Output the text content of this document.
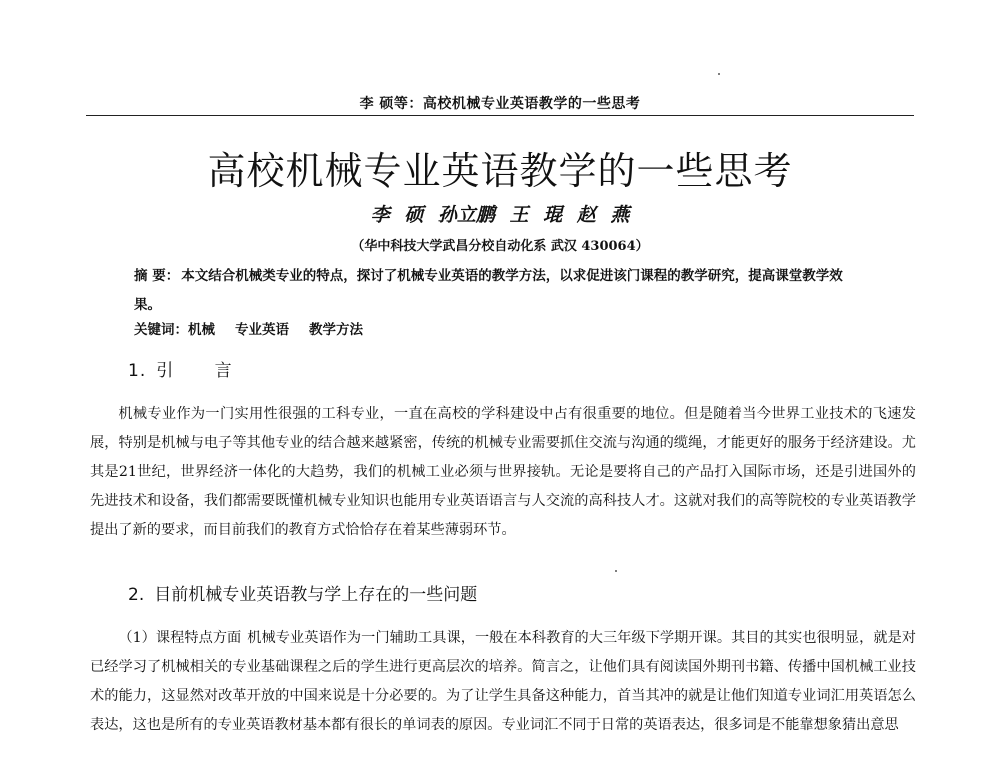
李 硕等：高校机械专业英语教学的一些思考
高校机械专业英语教学的一些思考
李 硕 孙立鹏 王 琨 赵 燕
（华中科技大学武昌分校自动化系 武汉 430064）
摘 要： 本文结合机械类专业的特点，探讨了机械专业英语的教学方法，以求促进该门课程的教学研究，提高课堂教学效果。
关键词：机械 专业英语 教学方法
1. 引 言

机械专业作为一门实用性很强的工科专业，一直在高校的学科建设中占有很重要的地位。但是随着当今世界工业技术的飞速发展，特别是机械与电子等其他专业的结合越来越紧密，传统的机械专业需要抓住交流与沟通的缆绳，才能更好的服务于经济建设。尤其是21世纪，世界经济一体化的大趋势，我们的机械工业必须与世界接轨。无论是要将自己的产品打入国际市场，还是引进国外的先进技术和设备，我们都需要既懂机械专业知识也能用专业英语语言与人交流的高科技人才。这就对我们的高等院校的专业英语教学提出了新的要求，而目前我们的教育方式恰恰存在着某些薄弱环节。

2. 目前机械专业英语教与学上存在的一些问题

（1）课程特点方面 机械专业英语作为一门辅助工具课，一般在本科教育的大三年级下学期开课。其目的其实也很明显，就是对已经学习了机械相关的专业基础课程之后的学生进行更高层次的培养。简言之，让他们具有阅读国外期刊书籍、传播中国机械工业技术的能力，这显然对改革开放的中国来说是十分必要的。为了让学生具备这种能力，首当其冲的就是让他们知道专业词汇用英语怎么表达，这也是所有的专业英语教材基本都有很长的单词表的原因。专业词汇不同于日常的英语表达，很多词是不能靠想象猜出意思
